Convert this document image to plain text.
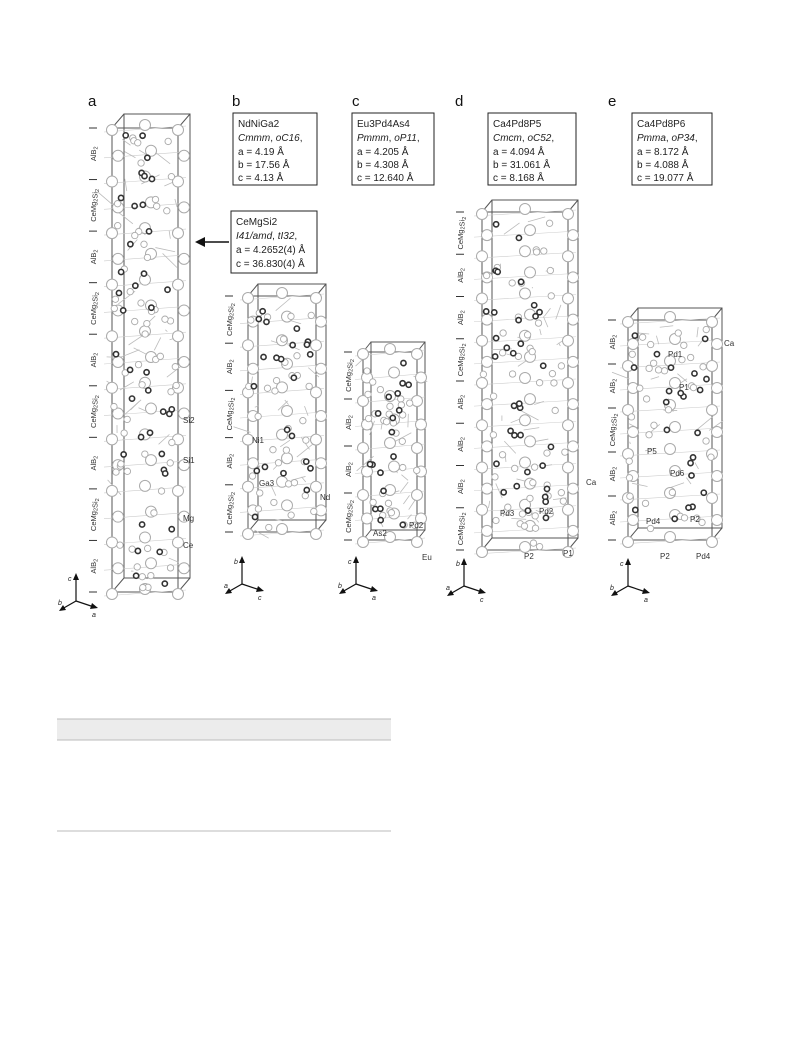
a	b	c	d	e
NdNiGa2
Cmmm, oC16,
a = 4.19 Å
b = 17.56 Å
c = 4.13 Å
Eu3Pd4As4
Pmmm, oP11,
a = 4.205 Å
b = 4.308 Å
c = 12.640 Å
Ca4Pd8P5
Cmcm, oC52,
a = 4.094 Å
b = 31.061 Å
c = 8.168 Å
Ca4Pd8P6
Pmma, oP34,
a = 8.172 Å
b = 4.088 Å
c = 19.077 Å
CeMgSi2
I41/amd, tI32,
a = 4.2652(4) Å
c = 36.830(4) Å
AlB$_2$
$CeMg_2Si_2$
AlB$_2$
$CeMg_2Si_2$
AlB$_2$
$CeMg_2Si_2$
AlB$_2$
$CeMg_2Si_2$
AlB$_2$
Si2
Si1
Mg
Ce
c
b
a
$CeMg_2Si_2$
AlB$_2$
$CeMg_2Si_2$
AlB$_2$
$CeMg_2Si_2$
Ni1
Ga3
Nd
b
a
c
$CeMg_2Si_2$
AlB$_2$
AlB$_2$
$CeMg_2Si_2$
Pd2
As2
Eu
c
b
a
$CeMg_2Si_2$
AlB$_2$
AlB$_2$
$CeMg_2Si_2$
AlB$_2$
AlB$_2$
AlB$_2$
$CeMg_2Si_2$
Ca
Pd3	Pd2
P2	P1
b
a
c
AlB$_2$
AlB$_2$
$CeMg_2Si_2$
AlB$_2$
AlB$_2$
Pd1
P1
P5
Pd6
Pd4	P2
P2	Pd4
Ca
c
b
a
